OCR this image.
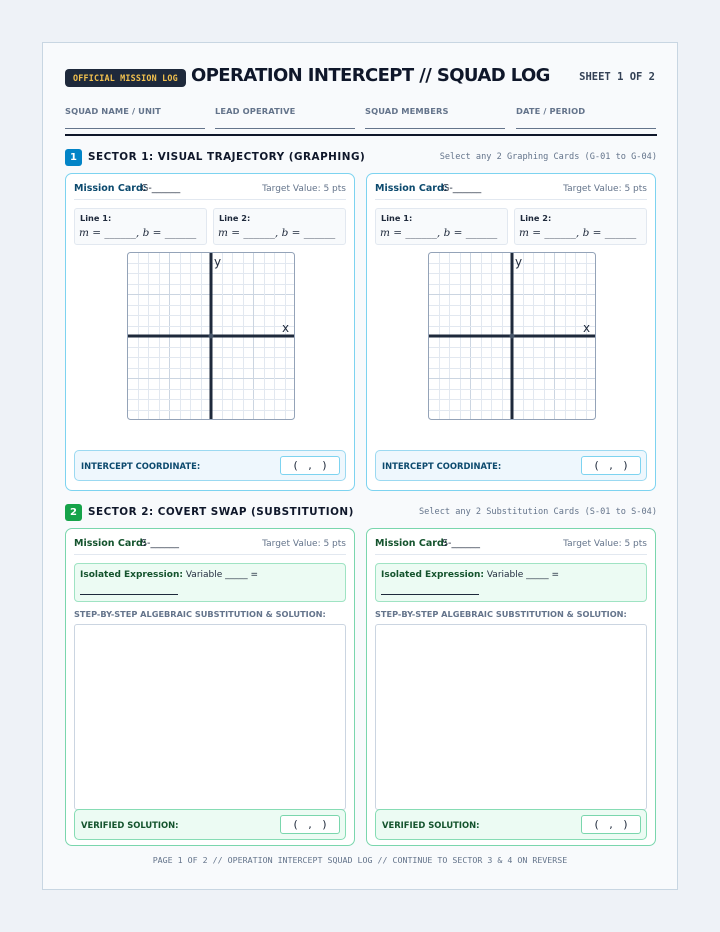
OFFICIAL MISSION LOG OPERATION INTERCEPT // SQUAD LOG	SHEET 1 OF 2
SQUAD NAME / UNIT	LEAD OPERATIVE	SQUAD MEMBERS	DATE / PERIOD
1	SECTOR 1: VISUAL TRAJECTORY (GRAPHING)	Select any 2 Graphing Cards (G-01 to G-04)
Mission Card:
G-______	Target Value: 5 pts
Line 1:
m = ______, b = ______
Line 2:
m = ______, b = ______
y
x
INTERCEPT COORDINATE:	(   ,   )
Mission Card:
G-______	Target Value: 5 pts
Line 1:
m = ______, b = ______
Line 2:
m = ______, b = ______
y
x
INTERCEPT COORDINATE:	(   ,   )
2	SECTOR 2: COVERT SWAP (SUBSTITUTION)	Select any 2 Substitution Cards (S-01 to S-04)
Mission Card:
S-______	Target Value: 5 pts
Isolated Expression: Variable _____ =
STEP-BY-STEP ALGEBRAIC SUBSTITUTION & SOLUTION:
VERIFIED SOLUTION:	(   ,   )
Mission Card:
S-______	Target Value: 5 pts
Isolated Expression: Variable _____ =
STEP-BY-STEP ALGEBRAIC SUBSTITUTION & SOLUTION:
VERIFIED SOLUTION:	(   ,   )
PAGE 1 OF 2 // OPERATION INTERCEPT SQUAD LOG // CONTINUE TO SECTOR 3 & 4 ON REVERSE
